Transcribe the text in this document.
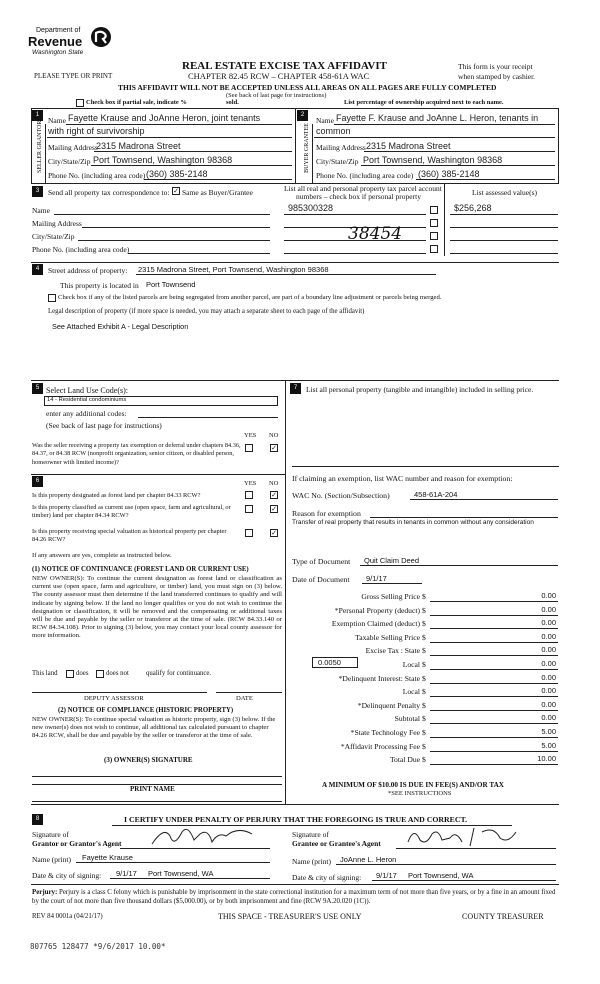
Department of
Revenue
Washington State
REAL ESTATE EXCISE TAX AFFIDAVIT
CHAPTER 82.45 RCW – CHAPTER 458-61A WAC
This form is your receipt
when stamped by cashier.
PLEASE TYPE OR PRINT
THIS AFFIDAVIT WILL NOT BE ACCEPTED UNLESS ALL AREAS ON ALL PAGES ARE FULLY COMPLETED
(See back of last page for instructions)
Check box if partial sale, indicate %	sold.	List percentage of ownership acquired next to each name.
1	2
SELLER GRANTOR	BUYER GRANTEE
Name Fayette Krause and JoAnne Heron, joint tenants
with right of survivorship
Mailing Address
2315 Madrona Street
City/State/Zip Port Townsend, Washington 98368
Phone No. (including area code) (360) 385-2148
Name Fayette F. Krause and JoAnne L. Heron, tenants in
common
Mailing Address 2315 Madrona Street
City/State/Zip Port Townsend, Washington 98368
Phone No. (including area code) (360) 385-2148
3	Send all property tax correspondence to: ✓ Same as Buyer/Grantee
Name
Mailing Address
City/State/Zip
Phone No. (including area code)
List all real and personal property tax parcel account
numbers – check box if personal property	List assessed value(s)
985300328	$256,268
38454
4	Street address of property: 2315 Madrona Street, Port Townsend, Washington 98368
This property is located in Port Townsend
Check box if any of the listed parcels are being segregated from another parcel, are part of a boundary line adjustment or parcels being merged.
Legal description of property (if more space is needed, you may attach a separate sheet to each page of the affidavit)
See Attached Exhibit A - Legal Description
5 Select Land Use Code(s):
14 - Residential condominiums
enter any additional codes:
(See back of last page for instructions)
YES NO
Was the seller receiving a property tax exemption or deferral under chapters 84.36, 84.37, or 84.38 RCW (nonprofit organization, senior citizen, or disabled person, homeowner with limited income)?
✓
7	List all personal property (tangible and intangible) included in selling price.
If claiming an exemption, list WAC number and reason for exemption:
WAC No. (Section/Subsection)	458-61A-204
Reason for exemption
Transfer of real property that results in tenants in common without any consideration
Type of Document Quit Claim Deed
Date of Document 9/1/17
Gross Selling Price $	0.00
*Personal Property (deduct) $	0.00
Exemption Claimed (deduct) $	0.00
Taxable Selling Price $	0.00
Excise Tax : State $	0.00
Local $	0.00
*Delinquent Interest: State $	0.00
Local $	0.00
*Delinquent Penalty $	0.00
Subtotal $	0.00
*State Technology Fee $	5.00
*Affidavit Processing Fee $	5.00
Total Due $	10.00
0.0050
A MINIMUM OF $10.00 IS DUE IN FEE(S) AND/OR TAX
*SEE INSTRUCTIONS
6	YES NO
Is this property designated as forest land per chapter 84.33 RCW?	✓
Is this property classified as current use (open space, farm and agricultural, or timber) land per chapter 84.34 RCW?
✓
Is this property receiving special valuation as historical property per chapter 84.26 RCW?
✓
If any answers are yes, complete as instructed below.
(1) NOTICE OF CONTINUANCE (FOREST LAND OR CURRENT USE)
NEW OWNER(S): To continue the current designation as forest land or classification as current use (open space, farm and agriculture, or timber) land, you must sign on (3) below. The county assessor must then determine if the land transferred continues to qualify and will indicate by signing below. If the land no longer qualifies or you do not wish to continue the designation or classification, it will be removed and the compensating or additional taxes will be due and payable by the seller or transferor at the time of sale. (RCW 84.33.140 or RCW 84.34.108). Prior to signing (3) below, you may contact your local county assessor for more information.
This land	does	does not	qualify for continuance.
DEPUTY ASSESSOR	DATE
(2) NOTICE OF COMPLIANCE (HISTORIC PROPERTY)
NEW OWNER(S): To continue special valuation as historic property, sign (3) below. If the new owner(s) does not wish to continue, all additional tax calculated pursuant to chapter 84.26 RCW, shall be due and payable by the seller or transferor at the time of sale.
(3) OWNER(S) SIGNATURE
PRINT NAME
8	I CERTIFY UNDER PENALTY OF PERJURY THAT THE FOREGOING IS TRUE AND CORRECT.
Signature of
Grantor or Grantor's Agent
Name (print) Fayette Krause
Date & city of signing: 9/1/17 Port Townsend, WA
Signature of
Grantee or Grantee's Agent
Name (print) JoAnne L. Heron
Date & city of signing: 9/1/17 Port Townsend, WA
Perjury: Perjury is a class C felony which is punishable by imprisonment in the state correctional institution for a maximum term of not more than five years, or by a fine in an amount fixed by the court of not more than five thousand dollars ($5,000.00), or by both imprisonment and fine (RCW 9A.20.020 (1C)).
REV 84 0001a (04/21/17)	THIS SPACE - TREASURER'S USE ONLY	COUNTY TREASURER
807765 128477 *9/6/2017 10.00*
